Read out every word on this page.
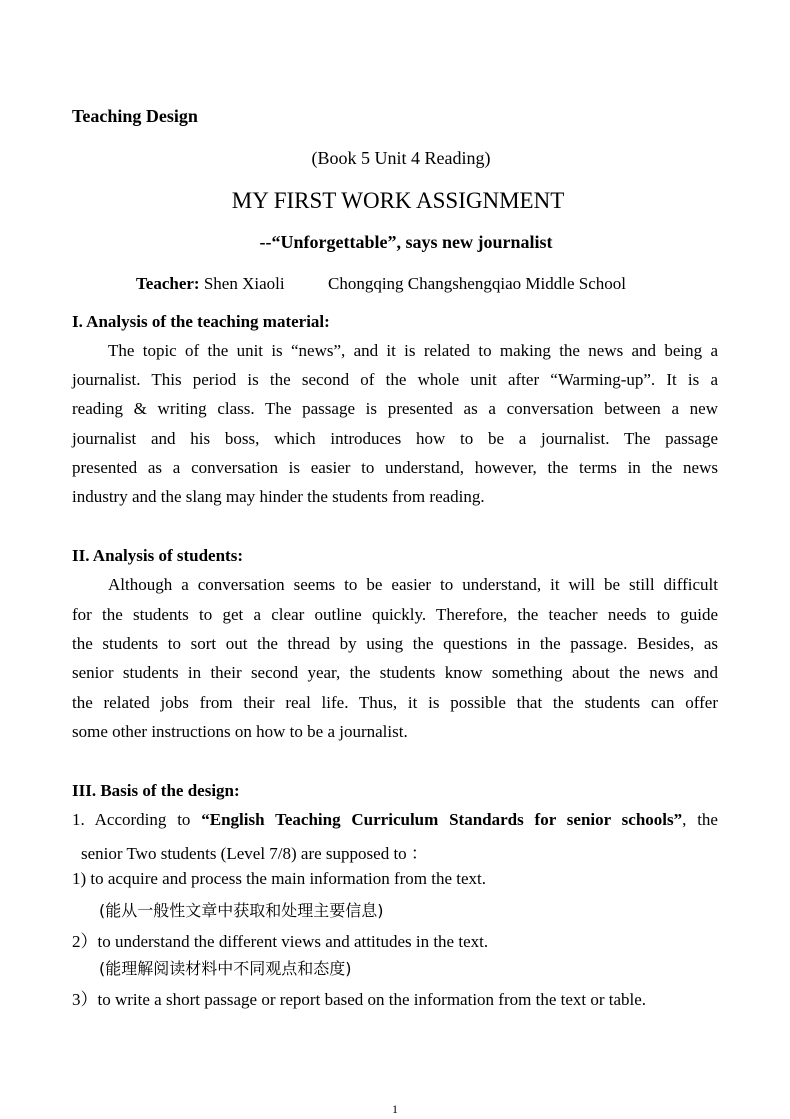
Teaching Design
(Book 5 Unit 4 Reading)
MY FIRST WORK ASSIGNMENT
--“Unforgettable”, says new journalist
Teacher: Shen Xiaoli	Chongqing Changshengqiao Middle School
I. Analysis of the teaching material:
The topic of the unit is “news”, and it is related to making the news and being a
journalist. This period is the second of the whole unit after “Warming-up”. It is a
reading & writing class. The passage is presented as a conversation between a new
journalist and his boss, which introduces how to be a journalist. The passage
presented as a conversation is easier to understand, however, the terms in the news
industry and the slang may hinder the students from reading.
II. Analysis of students:
Although a conversation seems to be easier to understand, it will be still difficult
for the students to get a clear outline quickly. Therefore, the teacher needs to guide
the students to sort out the thread by using the questions in the passage. Besides, as
senior students in their second year, the students know something about the news and
the related jobs from their real life. Thus, it is possible that the students can offer
some other instructions on how to be a journalist.
III. Basis of the design:
1. According to “English Teaching Curriculum Standards for senior schools”, the
senior Two students (Level 7/8) are supposed to ：
1) to acquire and process the main information from the text.
(能从一般性文章中获取和处理主要信息)
2）to understand the different views and attitudes in the text.
(能理解阅读材料中不同观点和态度)
3）to write a short passage or report based on the information from the text or table.
1
